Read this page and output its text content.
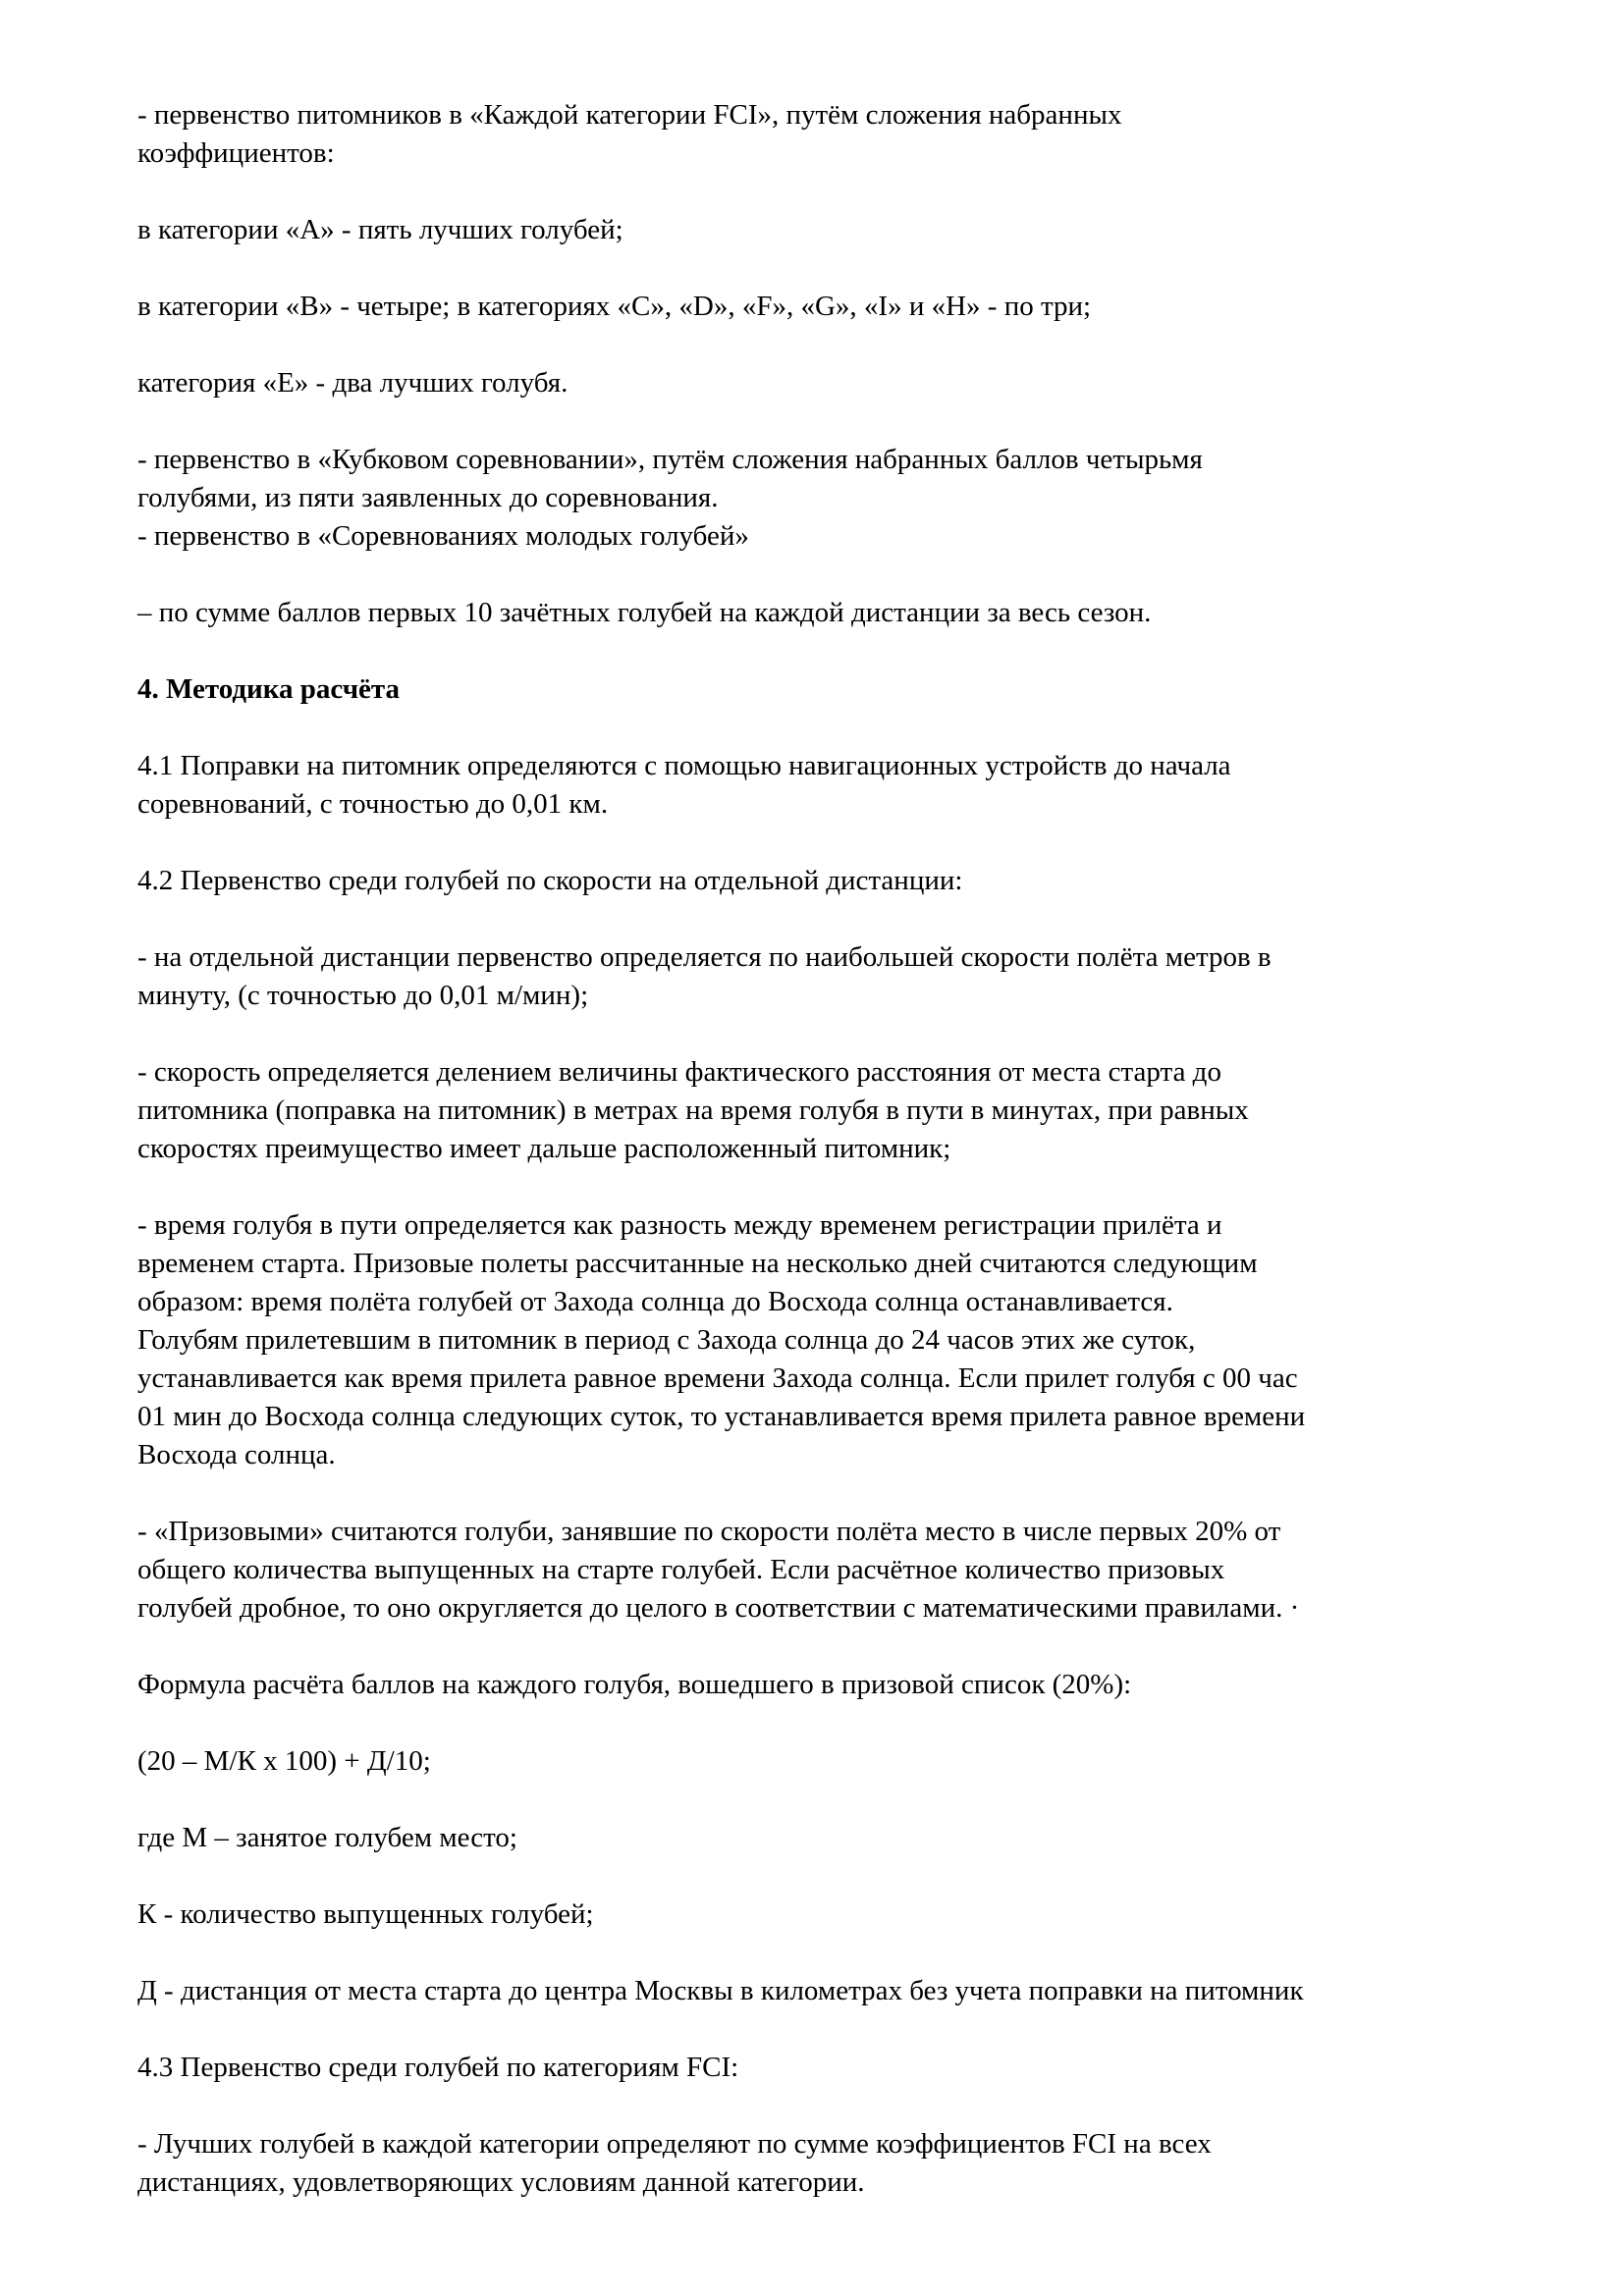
- первенство питомников в «Каждой категории FCI», путём сложения набранных
коэффициентов:

в категории «A» - пять лучших голубей;

в категории «B» - четыре; в категориях «C», «D», «F», «G», «I» и «H» - по три;

категория «E» - два лучших голубя.

- первенство в «Кубковом соревновании», путём сложения набранных баллов четырьмя
голубями, из пяти заявленных до соревнования.

- первенство в «Соревнованиях молодых голубей»

– по сумме баллов первых 10 зачётных голубей на каждой дистанции за весь сезон.

4. Методика расчёта

4.1 Поправки на питомник определяются с помощью навигационных устройств до начала
соревнований, с точностью до 0,01 км.

4.2 Первенство среди голубей по скорости на отдельной дистанции:

- на отдельной дистанции первенство определяется по наибольшей скорости полёта метров в
минуту, (с точностью до 0,01 м/мин);

- скорость определяется делением величины фактического расстояния от места старта до
питомника (поправка на питомник) в метрах на время голубя в пути в минутах, при равных
скоростях преимущество имеет дальше расположенный питомник;

- время голубя в пути определяется как разность между временем регистрации прилёта и
временем старта. Призовые полеты рассчитанные на несколько дней считаются следующим
образом: время полёта голубей от Захода солнца до Восхода солнца останавливается.
Голубям прилетевшим в питомник в период с Захода солнца до 24 часов этих же суток,
устанавливается как время прилета равное времени Захода солнца. Если прилет голубя с 00 час
01 мин до Восхода солнца следующих суток, то устанавливается время прилета равное времени
Восхода солнца.

- «Призовыми» считаются голуби, занявшие по скорости полёта место в числе первых 20% от
общего количества выпущенных на старте голубей. Если расчётное количество призовых
голубей дробное, то оно округляется до целого в соответствии с математическими правилами. ·

Формула расчёта баллов на каждого голубя, вошедшего в призовой список (20%):

(20 – М/К х 100) + Д/10;

где М – занятое голубем место;

К - количество выпущенных голубей;

Д - дистанция от места старта до центра Москвы в километрах без учета поправки на питомник

4.3 Первенство среди голубей по категориям FCI:

- Лучших голубей в каждой категории определяют по сумме коэффициентов FCI на всех
дистанциях, удовлетворяющих условиям данной категории.
